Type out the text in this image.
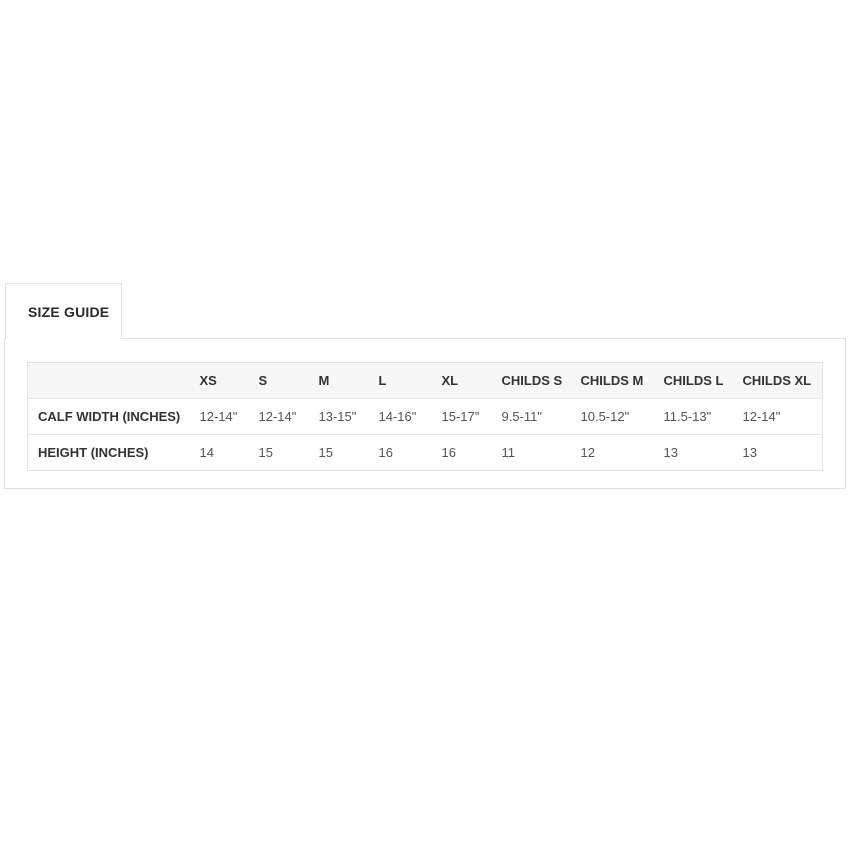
SIZE GUIDE
	XS	S	M	L	XL	CHILDS S	CHILDS M	CHILDS L	CHILDS XL
CALF WIDTH (INCHES)	12-14"	12-14"	13-15"	14-16"	15-17"	9.5-11"	10.5-12"	11.5-13"	12-14"
HEIGHT (INCHES)	14	15	15	16	16	11	12	13	13
